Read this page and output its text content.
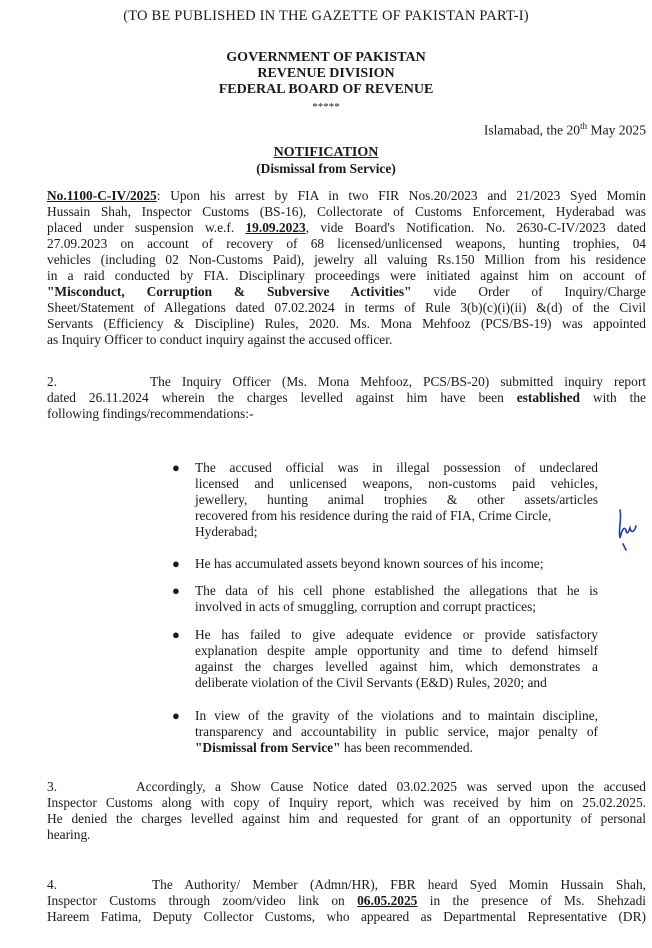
(TO BE PUBLISHED IN THE GAZETTE OF PAKISTAN PART-I)
GOVERNMENT OF PAKISTAN
REVENUE DIVISION
FEDERAL BOARD OF REVENUE
*****
Islamabad, the 20th May 2025
NOTIFICATION
(Dismissal from Service)
No.1100-C-IV/2025: Upon his arrest by FIA in two FIR Nos.20/2023 and 21/2023 Syed Momin
Hussain Shah, Inspector Customs (BS-16), Collectorate of Customs Enforcement, Hyderabad was
placed under suspension w.e.f. 19.09.2023, vide Board's Notification. No. 2630-C-IV/2023 dated
27.09.2023 on account of recovery of 68 licensed/unlicensed weapons, hunting trophies, 04
vehicles (including 02 Non-Customs Paid), jewelry all valuing Rs.150 Million from his residence
in a raid conducted by FIA. Disciplinary proceedings were initiated against him on account of
"Misconduct, Corruption & Subversive Activities" vide Order of Inquiry/Charge
Sheet/Statement of Allegations dated 07.02.2024 in terms of Rule 3(b)(c)(i)(ii) &(d) of the Civil
Servants (Efficiency & Discipline) Rules, 2020. Ms. Mona Mehfooz (PCS/BS-19) was appointed
as Inquiry Officer to conduct inquiry against the accused officer.
2.	The Inquiry Officer (Ms. Mona Mehfooz, PCS/BS-20) submitted inquiry report
dated 26.11.2024 wherein the charges levelled against him have been established with the
following findings/recommendations:-
● The accused official was in illegal possession of undeclared
licensed and unlicensed weapons, non-customs paid vehicles,
jewellery, hunting animal trophies & other assets/articles
recovered from his residence during the raid of FIA, Crime Circle,
Hyderabad;
● He has accumulated assets beyond known sources of his income;
● The data of his cell phone established the allegations that he is
involved in acts of smuggling, corruption and corrupt practices;
● He has failed to give adequate evidence or provide satisfactory
explanation despite ample opportunity and time to defend himself
against the charges levelled against him, which demonstrates a
deliberate violation of the Civil Servants (E&D) Rules, 2020; and
● In view of the gravity of the violations and to maintain discipline,
transparency and accountability in public service, major penalty of
"Dismissal from Service" has been recommended.
3.	Accordingly, a Show Cause Notice dated 03.02.2025 was served upon the accused
Inspector Customs along with copy of Inquiry report, which was received by him on 25.02.2025.
He denied the charges levelled against him and requested for grant of an opportunity of personal
hearing.
4.	The Authority/ Member (Admn/HR), FBR heard Syed Momin Hussain Shah,
Inspector Customs through zoom/video link on 06.05.2025 in the presence of Ms. Shehzadi
Hareem Fatima, Deputy Collector Customs, who appeared as Departmental Representative (DR)
